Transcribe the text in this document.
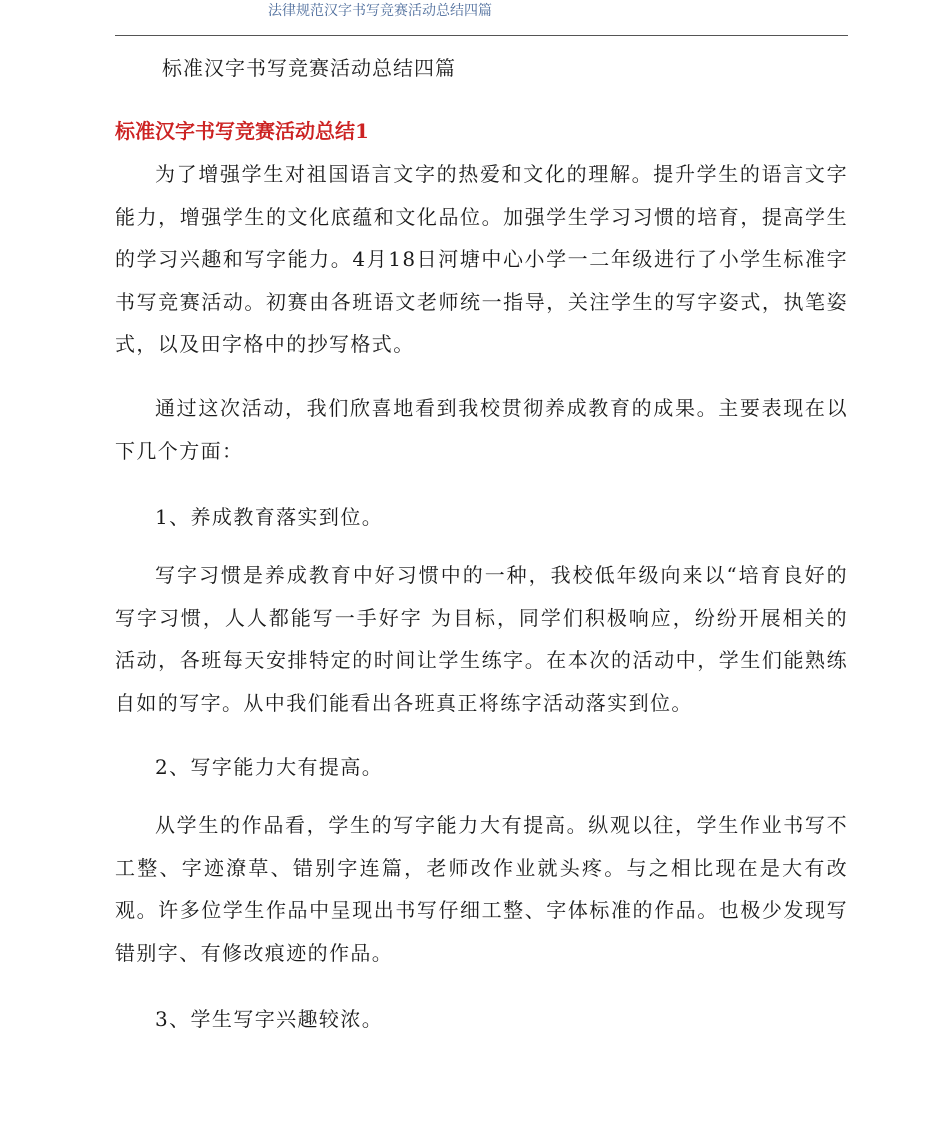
法律规范汉字书写竞赛活动总结四篇
标准汉字书写竞赛活动总结四篇
标准汉字书写竞赛活动总结1

为了增强学生对祖国语言文字的热爱和文化的理解。提升学生的语言文字能力，增强学生的文化底蕴和文化品位。加强学生学习习惯的培育，提高学生的学习兴趣和写字能力。4月18日河塘中心小学一二年级进行了小学生标准字书写竞赛活动。初赛由各班语文老师统一指导，关注学生的写字姿式，执笔姿式，以及田字格中的抄写格式。

通过这次活动，我们欣喜地看到我校贯彻养成教育的成果。主要表现在以下几个方面：

1、养成教育落实到位。

写字习惯是养成教育中好习惯中的一种，我校低年级向来以“培育良好的写字习惯，人人都能写一手好字 为目标，同学们积极响应，纷纷开展相关的活动，各班每天安排特定的时间让学生练字。在本次的活动中，学生们能熟练自如的写字。从中我们能看出各班真正将练字活动落实到位。

2、写字能力大有提高。

从学生的作品看，学生的写字能力大有提高。纵观以往，学生作业书写不工整、字迹潦草、错别字连篇，老师改作业就头疼。与之相比现在是大有改观。许多位学生作品中呈现出书写仔细工整、字体标准的作品。也极少发现写错别字、有修改痕迹的作品。

3、学生写字兴趣较浓。
